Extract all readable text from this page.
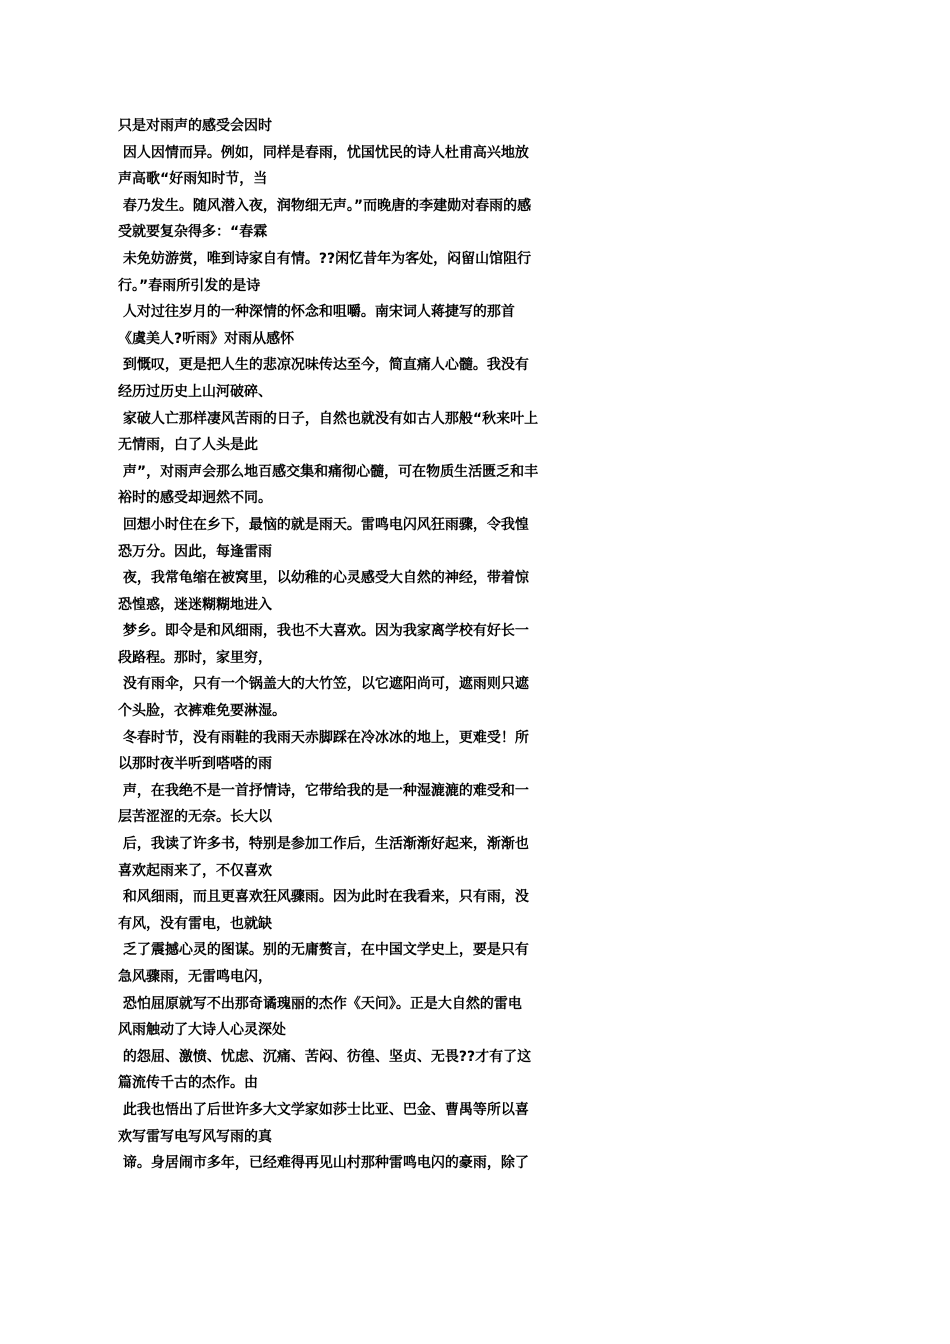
只是对雨声的感受会因时
因人因情而异。例如，同样是春雨，忧国忧民的诗人杜甫高兴地放
声高歌“好雨知时节，当
春乃发生。随风潜入夜，润物细无声。”而晚唐的李建勋对春雨的感
受就要复杂得多：“春霖
未免妨游赏，唯到诗家自有情。??闲忆昔年为客处，闷留山馆阻行
行。”春雨所引发的是诗
人对过往岁月的一种深情的怀念和咀嚼。南宋词人蒋捷写的那首
《虞美人?听雨》对雨从感怀
到慨叹，更是把人生的悲凉况味传达至今，简直痛人心髓。我没有
经历过历史上山河破碎、
家破人亡那样凄风苦雨的日子，自然也就没有如古人那般“秋来叶上
无情雨，白了人头是此
声”，对雨声会那么地百感交集和痛彻心髓，可在物质生活匮乏和丰
裕时的感受却迥然不同。
回想小时住在乡下，最恼的就是雨天。雷鸣电闪风狂雨骤，令我惶
恐万分。因此，每逢雷雨
夜，我常龟缩在被窝里，以幼稚的心灵感受大自然的神经，带着惊
恐惶惑，迷迷糊糊地进入
梦乡。即令是和风细雨，我也不大喜欢。因为我家离学校有好长一
段路程。那时，家里穷，
没有雨伞，只有一个锅盖大的大竹笠，以它遮阳尚可，遮雨则只遮
个头脸，衣裤难免要淋湿。
冬春时节，没有雨鞋的我雨天赤脚踩在冷冰冰的地上，更难受！所
以那时夜半听到嗒嗒的雨
声，在我绝不是一首抒情诗，它带给我的是一种湿漉漉的难受和一
层苦涩涩的无奈。长大以
后，我读了许多书，特别是参加工作后，生活渐渐好起来，渐渐也
喜欢起雨来了，不仅喜欢
和风细雨，而且更喜欢狂风骤雨。因为此时在我看来，只有雨，没
有风，没有雷电，也就缺
乏了震撼心灵的图谋。别的无庸赘言，在中国文学史上，要是只有
急风骤雨，无雷鸣电闪，
恐怕屈原就写不出那奇谲瑰丽的杰作《天问》。正是大自然的雷电
风雨触动了大诗人心灵深处
的怨屈、激愤、忧虑、沉痛、苦闷、彷徨、坚贞、无畏??才有了这
篇流传千古的杰作。由
此我也悟出了后世许多大文学家如莎士比亚、巴金、曹禺等所以喜
欢写雷写电写风写雨的真
谛。身居闹市多年，已经难得再见山村那种雷鸣电闪的豪雨，除了
